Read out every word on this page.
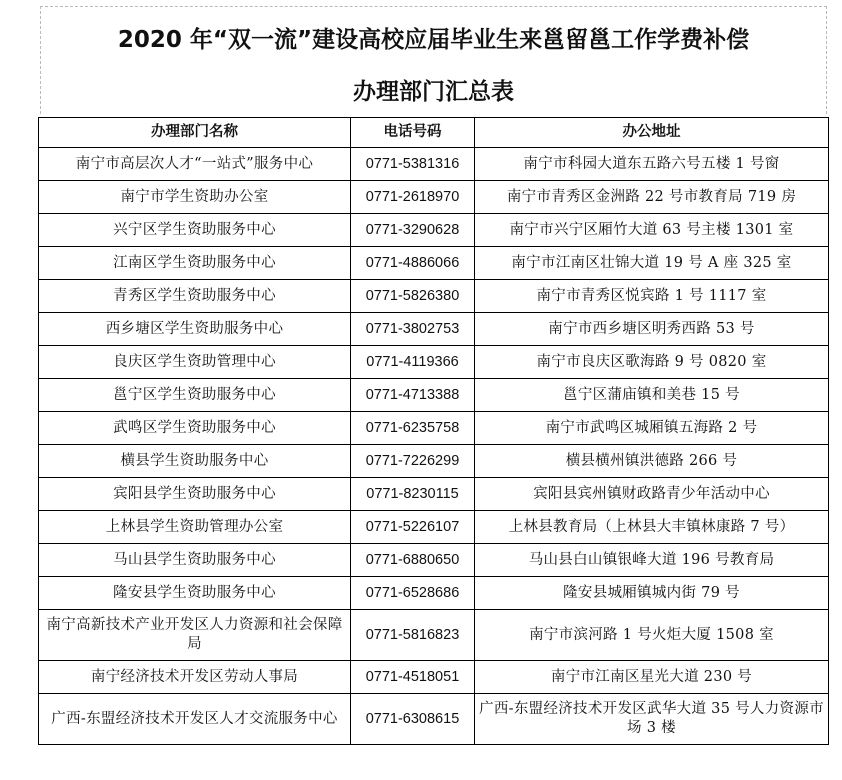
2020 年“双一流”建设高校应届毕业生来邕留邕工作学费补偿
办理部门汇总表
办理部门名称	电话号码	办公地址
南宁市高层次人才“一站式”服务中心	0771-5381316	南宁市科园大道东五路六号五楼 1 号窗
南宁市学生资助办公室	0771-2618970	南宁市青秀区金洲路 22 号市教育局 719 房
兴宁区学生资助服务中心	0771-3290628	南宁市兴宁区厢竹大道 63 号主楼 1301 室
江南区学生资助服务中心	0771-4886066	南宁市江南区壮锦大道 19 号 A 座 325 室
青秀区学生资助服务中心	0771-5826380	南宁市青秀区悦宾路 1 号 1117 室
西乡塘区学生资助服务中心	0771-3802753	南宁市西乡塘区明秀西路 53 号
良庆区学生资助管理中心	0771-4119366	南宁市良庆区歌海路 9 号 0820 室
邕宁区学生资助服务中心	0771-4713388	邕宁区蒲庙镇和美巷 15 号
武鸣区学生资助服务中心	0771-6235758	南宁市武鸣区城厢镇五海路 2 号
横县学生资助服务中心	0771-7226299	横县横州镇洪德路 266 号
宾阳县学生资助服务中心	0771-8230115	宾阳县宾州镇财政路青少年活动中心
上林县学生资助管理办公室	0771-5226107	上林县教育局（上林县大丰镇林康路 7 号）
马山县学生资助服务中心	0771-6880650	马山县白山镇银峰大道 196 号教育局
隆安县学生资助服务中心	0771-6528686	隆安县城厢镇城内街 79 号
南宁高新技术产业开发区人力资源和社会保障局	0771-5816823	南宁市滨河路 1 号火炬大厦 1508 室
南宁经济技术开发区劳动人事局	0771-4518051	南宁市江南区星光大道 230 号
广西-东盟经济技术开发区人才交流服务中心	0771-6308615	广西-东盟经济技术开发区武华大道 35 号人力资源市场 3 楼
